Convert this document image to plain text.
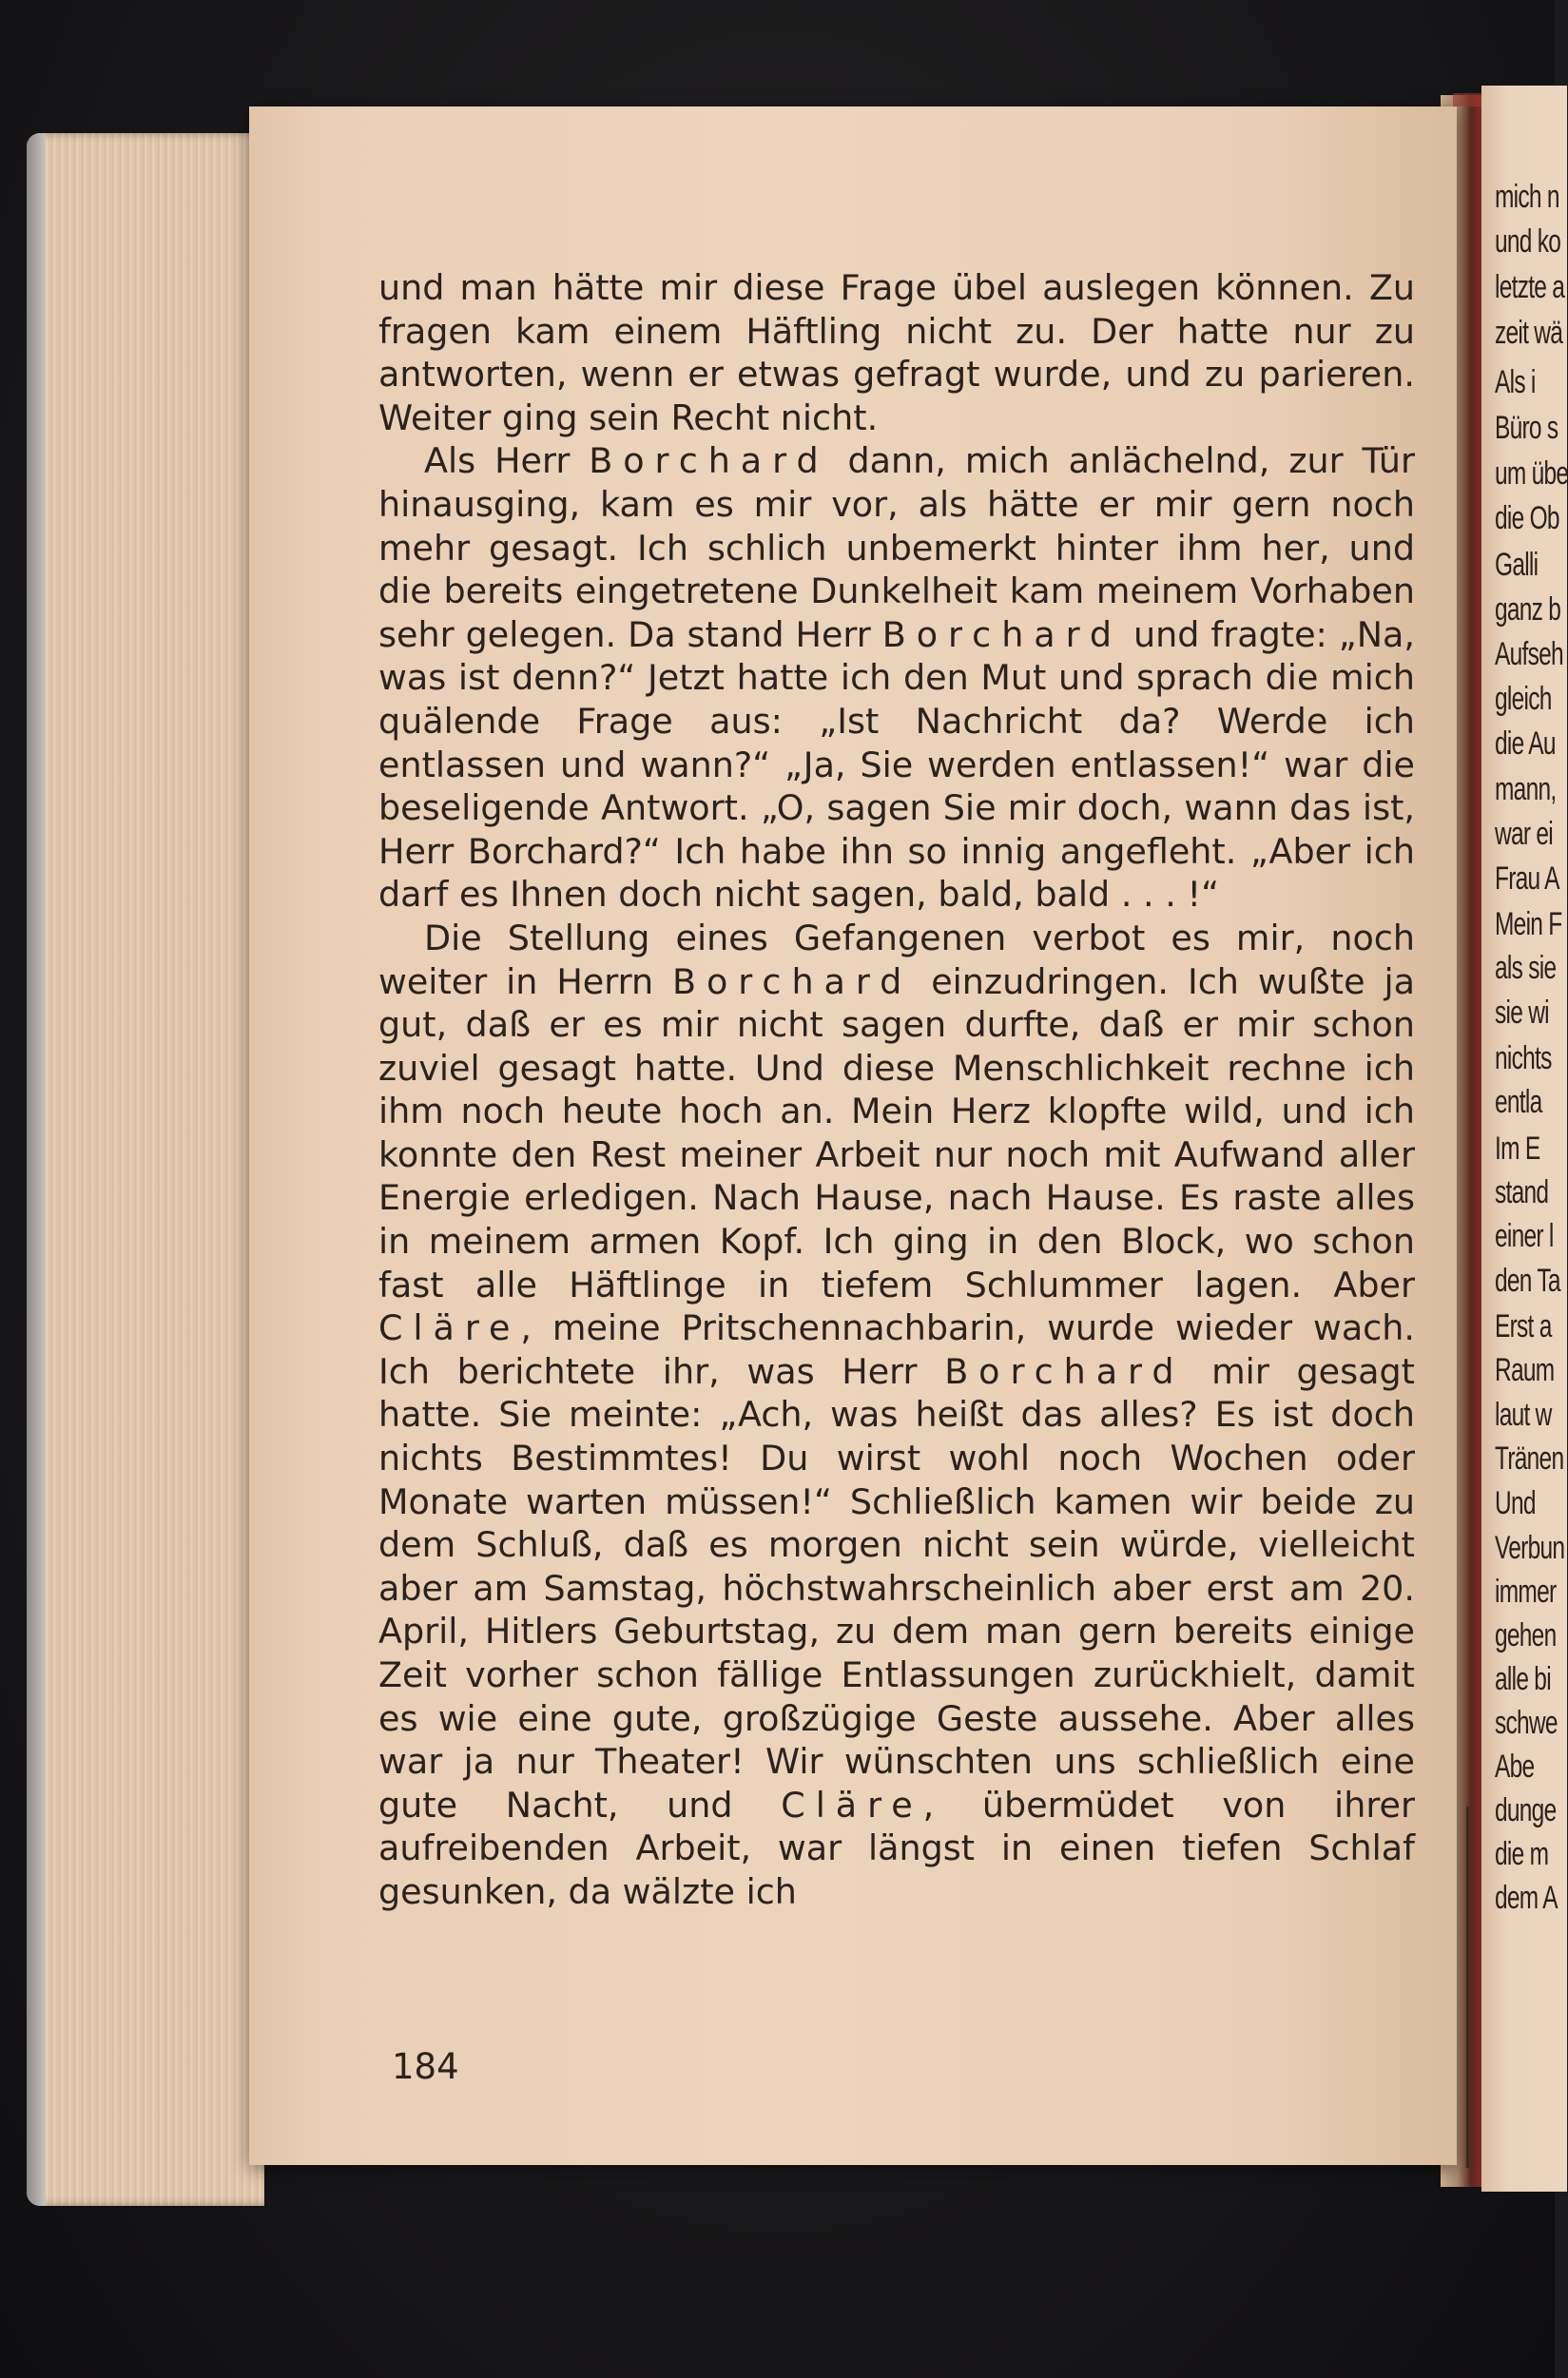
und man hätte mir diese Frage übel auslegen können. Zu fragen kam einem Häftling nicht zu. Der hatte nur zu antworten, wenn er etwas gefragt wurde, und zu parieren. Weiter ging sein Recht nicht.

Als Herr Borchard dann, mich anlächelnd, zur Tür hinausging, kam es mir vor, als hätte er mir gern noch mehr gesagt. Ich schlich unbemerkt hinter ihm her, und die bereits eingetretene Dunkelheit kam meinem Vorhaben sehr gelegen. Da stand Herr Borchard und fragte: „Na, was ist denn?“ Jetzt hatte ich den Mut und sprach die mich quälende Frage aus: „Ist Nachricht da? Werde ich entlassen und wann?“ „Ja, Sie werden entlassen!“ war die beseligende Antwort. „O, sagen Sie mir doch, wann das ist, Herr Borchard?“ Ich habe ihn so innig angefleht. „Aber ich darf es Ihnen doch nicht sagen, bald, bald . . . !“

Die Stellung eines Gefangenen verbot es mir, noch weiter in Herrn Borchard einzudringen. Ich wußte ja gut, daß er es mir nicht sagen durfte, daß er mir schon zuviel gesagt hatte. Und diese Menschlichkeit rechne ich ihm noch heute hoch an. Mein Herz klopfte wild, und ich konnte den Rest meiner Arbeit nur noch mit Aufwand aller Energie erledigen. Nach Hause, nach Hause. Es raste alles in meinem armen Kopf. Ich ging in den Block, wo schon fast alle Häftlinge in tiefem Schlummer lagen. Aber Cläre, meine Pritschennachbarin, wurde wieder wach. Ich berichtete ihr, was Herr Borchard mir gesagt hatte. Sie meinte: „Ach, was heißt das alles? Es ist doch nichts Bestimmtes! Du wirst wohl noch Wochen oder Monate warten müssen!“ Schließlich kamen wir beide zu dem Schluß, daß es morgen nicht sein würde, vielleicht aber am Samstag, höchstwahrscheinlich aber erst am 20. April, Hitlers Geburtstag, zu dem man gern bereits einige Zeit vorher schon fällige Entlassungen zurückhielt, damit es wie eine gute, großzügige Geste aussehe. Aber alles war ja nur Theater! Wir wünschten uns schließlich eine gute Nacht, und Cläre, übermüdet von ihrer aufreibenden Arbeit, war längst in einen tiefen Schlaf gesunken, da wälzte ich

184

mich n

und ko

letzte a

zeit wä

Als i

Büro s

um übe

die Ob

Galli

ganz b

Aufseh

gleich

die Au

mann,

war ei

Frau A

Mein F

als sie

sie wi

nichts

entla

Im E

stand

einer l

den Ta

Erst a

Raum

laut w

Tränen

Und

Verbun

immer

gehen

alle bi

schwe

Abe

dunge

die m

dem A
